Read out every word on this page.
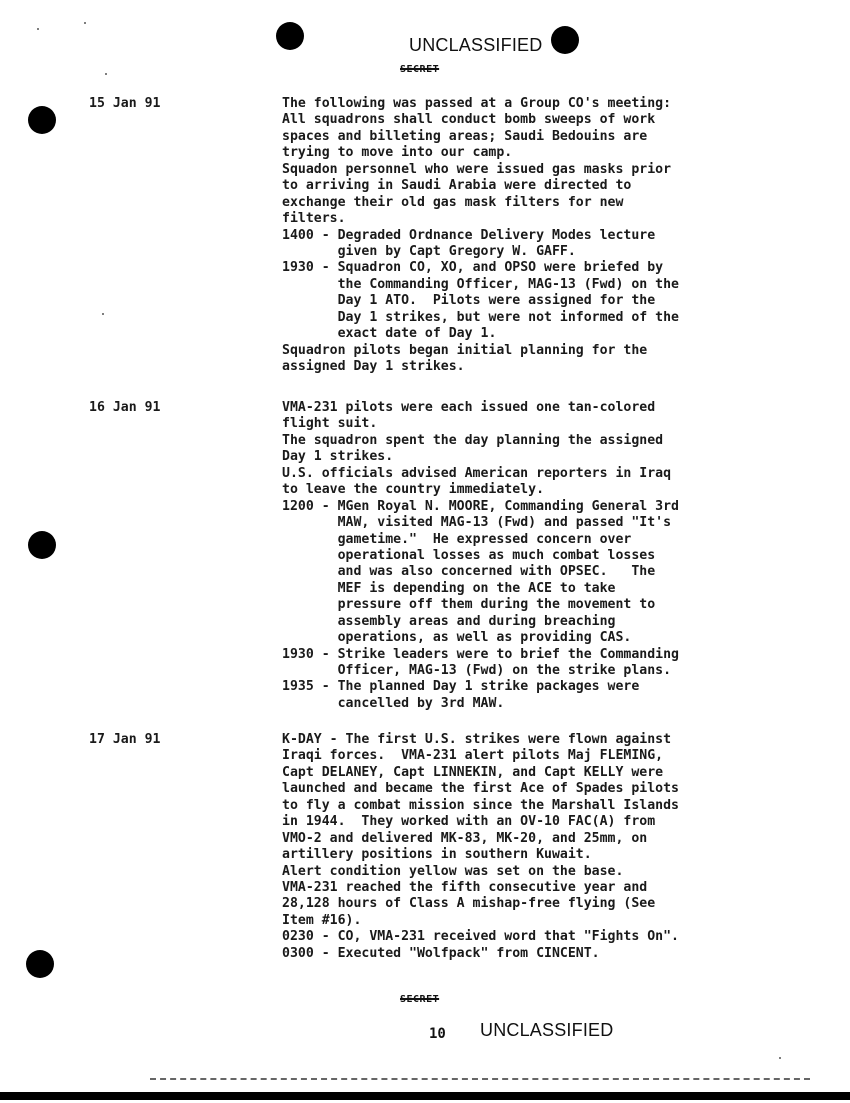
UNCLASSIFIED
SECRET
15 Jan 91	The following was passed at a Group CO's meeting:
All squadrons shall conduct bomb sweeps of work
spaces and billeting areas; Saudi Bedouins are
trying to move into our camp.
Squadon personnel who were issued gas masks prior
to arriving in Saudi Arabia were directed to
exchange their old gas mask filters for new
filters.
1400 - Degraded Ordnance Delivery Modes lecture
given by Capt Gregory W. GAFF.
1930 - Squadron CO, XO, and OPSO were briefed by
the Commanding Officer, MAG-13 (Fwd) on the
Day 1 ATO.  Pilots were assigned for the
Day 1 strikes, but were not informed of the
exact date of Day 1.
Squadron pilots began initial planning for the
assigned Day 1 strikes.
16 Jan 91	VMA-231 pilots were each issued one tan-colored
flight suit.
The squadron spent the day planning the assigned
Day 1 strikes.
U.S. officials advised American reporters in Iraq
to leave the country immediately.
1200 - MGen Royal N. MOORE, Commanding General 3rd
MAW, visited MAG-13 (Fwd) and passed "It's
gametime."  He expressed concern over
operational losses as much combat losses
and was also concerned with OPSEC.   The
MEF is depending on the ACE to take
pressure off them during the movement to
assembly areas and during breaching
operations, as well as providing CAS.
1930 - Strike leaders were to brief the Commanding
Officer, MAG-13 (Fwd) on the strike plans.
1935 - The planned Day 1 strike packages were
cancelled by 3rd MAW.
17 Jan 91	K-DAY - The first U.S. strikes were flown against
Iraqi forces.  VMA-231 alert pilots Maj FLEMING,
Capt DELANEY, Capt LINNEKIN, and Capt KELLY were
launched and became the first Ace of Spades pilots
to fly a combat mission since the Marshall Islands
in 1944.  They worked with an OV-10 FAC(A) from
VMO-2 and delivered MK-83, MK-20, and 25mm, on
artillery positions in southern Kuwait.
Alert condition yellow was set on the base.
VMA-231 reached the fifth consecutive year and
28,128 hours of Class A mishap-free flying (See
Item #16).
0230 - CO, VMA-231 received word that "Fights On".
0300 - Executed "Wolfpack" from CINCENT.
SECRET
10 UNCLASSIFIED
